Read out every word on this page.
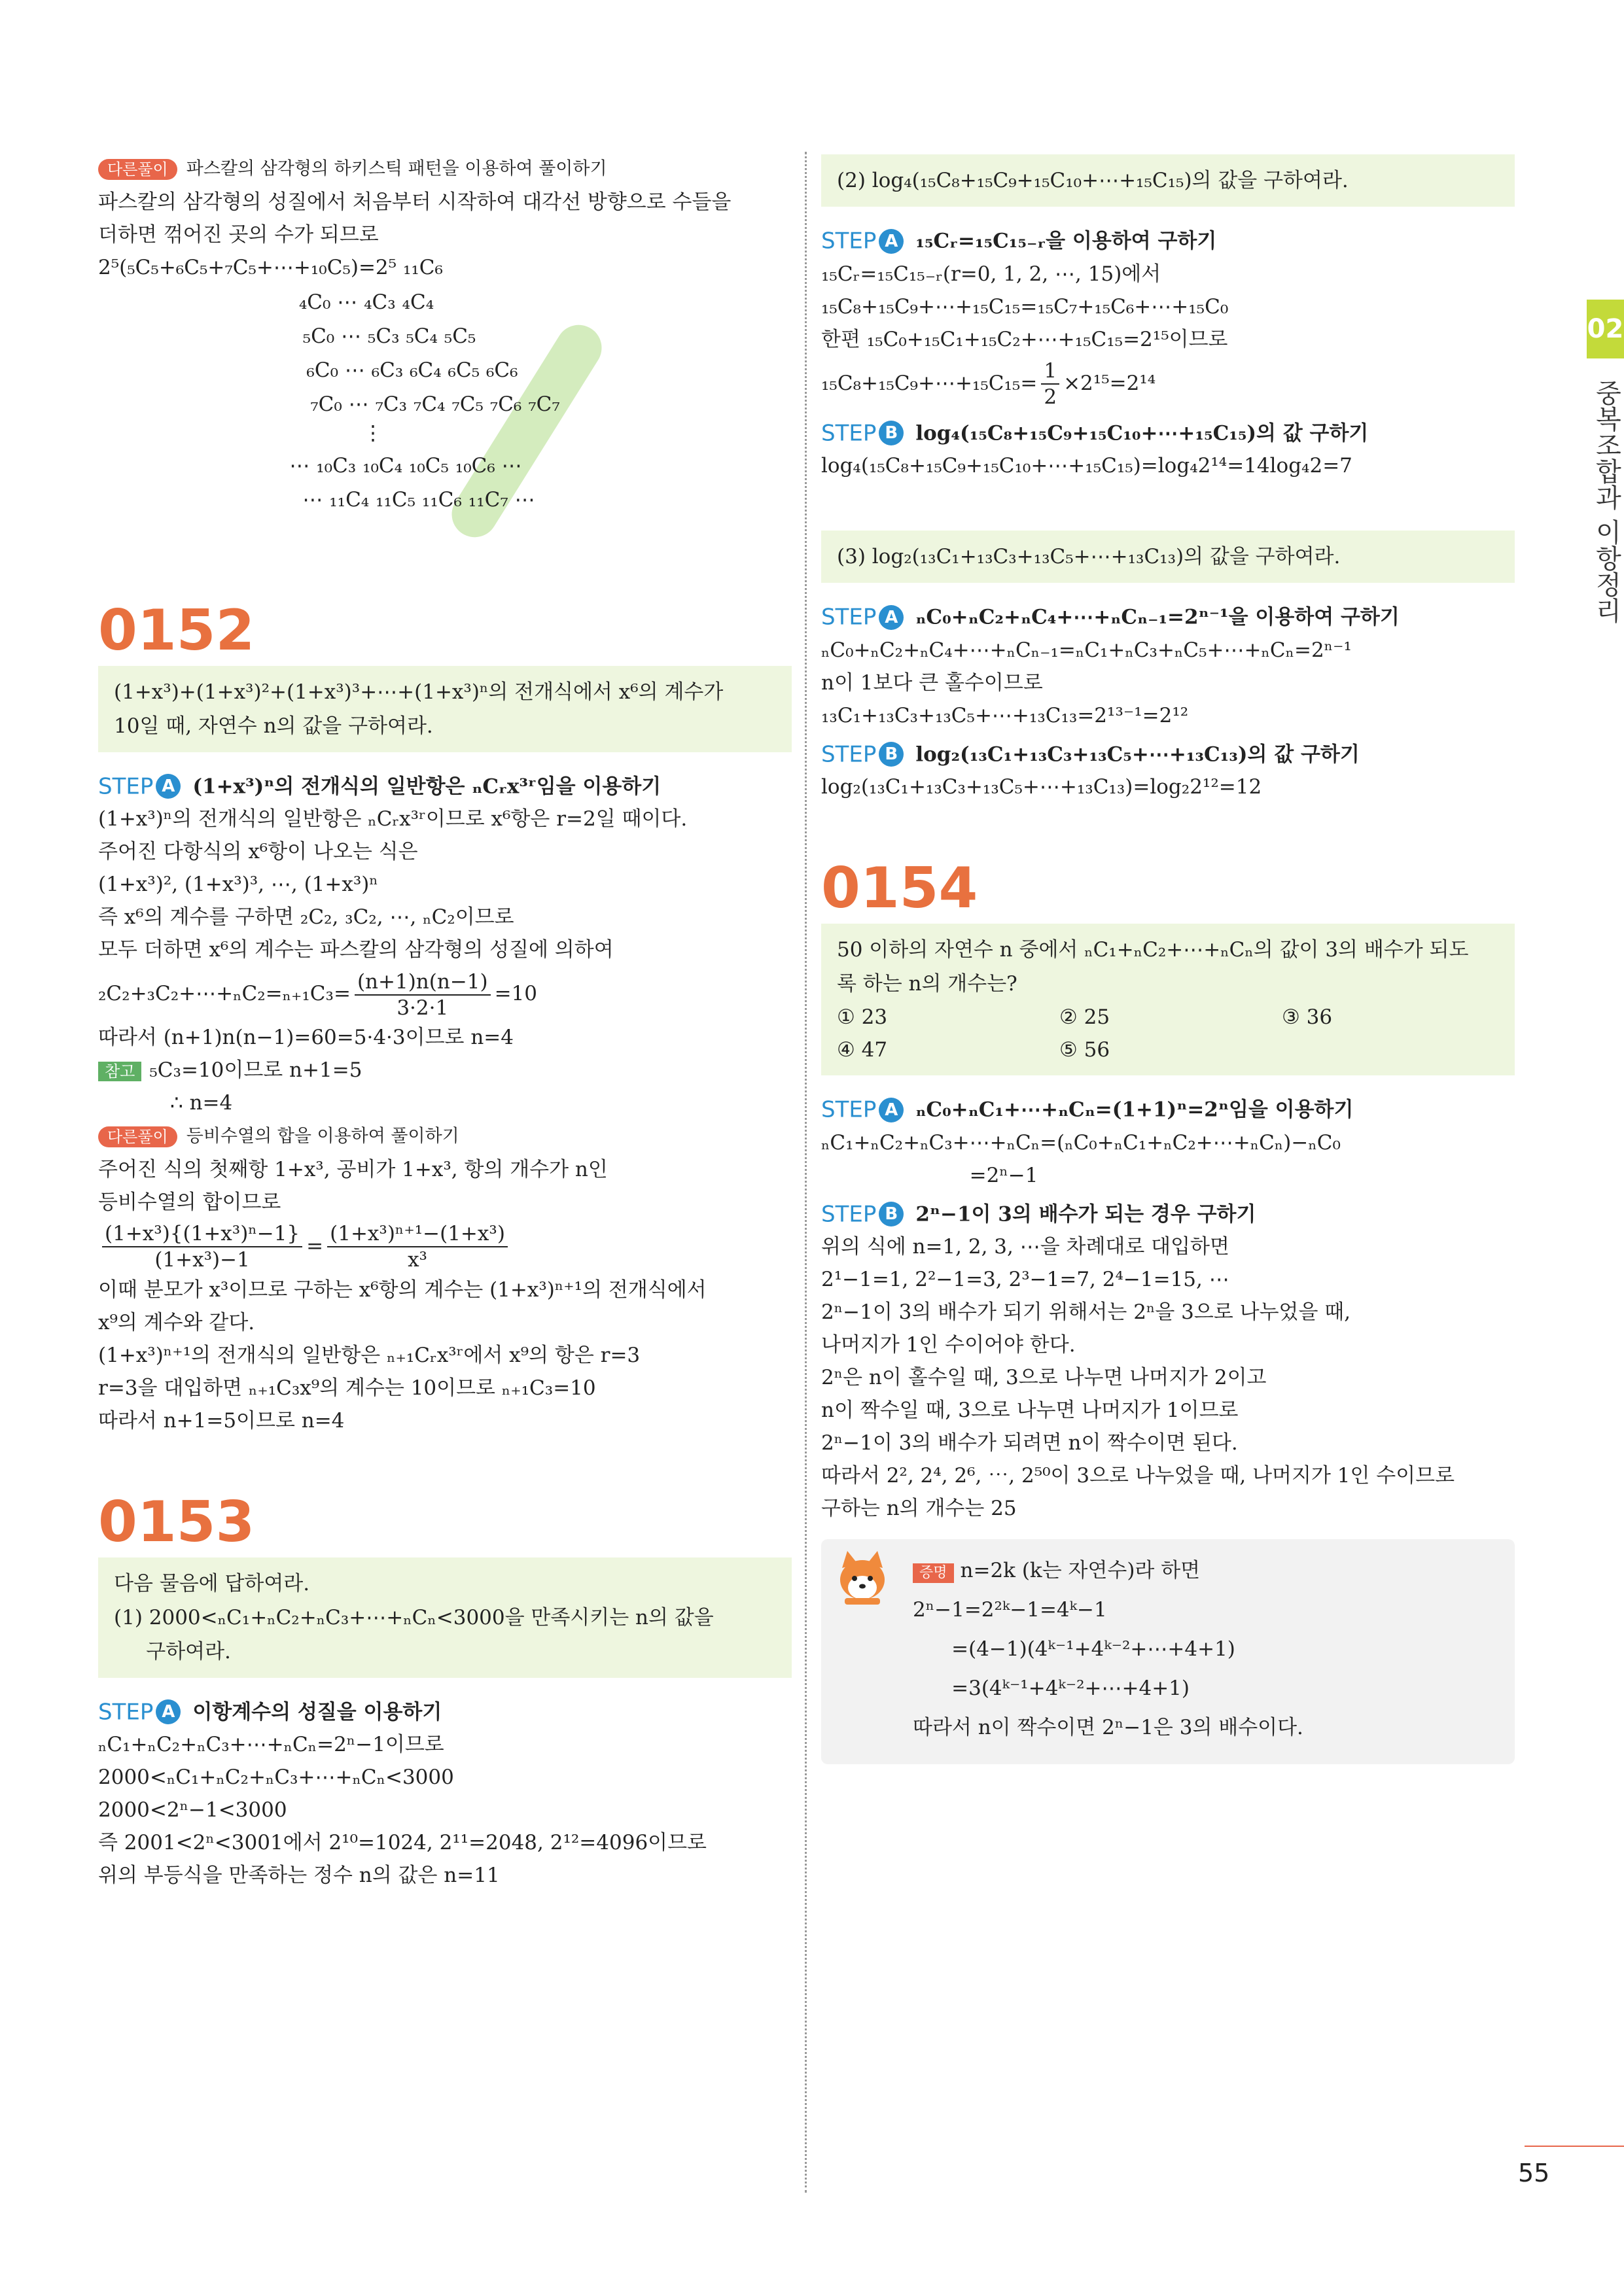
다른풀이 파스칼의 삼각형의 하키스틱 패턴을 이용하여 풀이하기
파스칼의 삼각형의 성질에서 처음부터 시작하여 대각선 방향으로 수들을
더하면 꺾어진 곳의 수가 되므로
2⁵(₅C₅+₆C₅+₇C₅+⋯+₁₀C₅)=2⁵ ₁₁C₆
₄C₀ ⋯ ₄C₃ ₄C₄
₅C₀ ⋯ ₅C₃ ₅C₄ ₅C₅
₆C₀ ⋯ ₆C₃ ₆C₄ ₆C₅ ₆C₆
₇C₀ ⋯ ₇C₃ ₇C₄ ₇C₅ ₇C₆ ₇C₇
⋮
⋯ ₁₀C₃ ₁₀C₄ ₁₀C₅ ₁₀C₆ ⋯
⋯ ₁₁C₄ ₁₁C₅ ₁₁C₆ ₁₁C₇ ⋯
0152
(1+x³)+(1+x³)²+(1+x³)³+⋯+(1+x³)ⁿ의 전개식에서 x⁶의 계수가
10일 때, 자연수 n의 값을 구하여라.
STEP A (1+x³)ⁿ의 전개식의 일반항은 ₙCᵣx³ʳ임을 이용하기
(1+x³)ⁿ의 전개식의 일반항은 ₙCᵣx³ʳ이므로 x⁶항은 r=2일 때이다.
주어진 다항식의 x⁶항이 나오는 식은
(1+x³)², (1+x³)³, ⋯, (1+x³)ⁿ
즉 x⁶의 계수를 구하면 ₂C₂, ₃C₂, ⋯, ₙC₂이므로
모두 더하면 x⁶의 계수는 파스칼의 삼각형의 성질에 의하여
₂C₂+₃C₂+⋯+ₙC₂=ₙ₊₁C₃= $\frac{(n+1)n(n-1)}{3\cdot 2\cdot 1} =10$
따라서 (n+1)n(n−1)=60=5·4·3이므로 n=4
참고 ₅C₃=10이므로 n+1=5
∴ n=4
다른풀이 등비수열의 합을 이용하여 풀이하기
주어진 식의 첫째항 1+x³, 공비가 1+x³, 항의 개수가 n인
등비수열의 합이므로
$\frac{\text{(1+x³)\{(1+x³)ⁿ−1\}}}{\text{(1+x³)−1}} = \frac{\text{(1+x³)ⁿ⁺¹−(1+x³)}}{\text{x³}}$
이때 분모가 x³이므로 구하는 x⁶항의 계수는 (1+x³)ⁿ⁺¹의 전개식에서
x⁹의 계수와 같다.
(1+x³)ⁿ⁺¹의 전개식의 일반항은 ₙ₊₁Cᵣx³ʳ에서 x⁹의 항은 r=3
r=3을 대입하면 ₙ₊₁C₃x⁹의 계수는 10이므로 ₙ₊₁C₃=10
따라서 n+1=5이므로 n=4
0153
다음 물음에 답하여라.
(1) 2000<ₙC₁+ₙC₂+ₙC₃+⋯+ₙCₙ<3000을 만족시키는 n의 값을
구하여라.
STEP A 이항계수의 성질을 이용하기
ₙC₁+ₙC₂+ₙC₃+⋯+ₙCₙ=2ⁿ−1이므로
2000<ₙC₁+ₙC₂+ₙC₃+⋯+ₙCₙ<3000
2000<2ⁿ−1<3000
즉 2001<2ⁿ<3001에서 2¹⁰=1024, 2¹¹=2048, 2¹²=4096이므로
위의 부등식을 만족하는 정수 n의 값은 n=11
(2) log₄(₁₅C₈+₁₅C₉+₁₅C₁₀+⋯+₁₅C₁₅)의 값을 구하여라.
STEP A ₁₅Cᵣ=₁₅C₁₅₋ᵣ을 이용하여 구하기
₁₅Cᵣ=₁₅C₁₅₋ᵣ(r=0, 1, 2, ⋯, 15)에서
₁₅C₈+₁₅C₉+⋯+₁₅C₁₅=₁₅C₇+₁₅C₆+⋯+₁₅C₀
한편 ₁₅C₀+₁₅C₁+₁₅C₂+⋯+₁₅C₁₅=2¹⁵이므로
₁₅C₈+₁₅C₉+⋯+₁₅C₁₅= $\frac{1}{2} \times 2^{15}=2^{14}$
STEP B log₄(₁₅C₈+₁₅C₉+₁₅C₁₀+⋯+₁₅C₁₅)의 값 구하기
log₄(₁₅C₈+₁₅C₉+₁₅C₁₀+⋯+₁₅C₁₅)=log₄2¹⁴=14log₄2=7
(3) log₂(₁₃C₁+₁₃C₃+₁₃C₅+⋯+₁₃C₁₃)의 값을 구하여라.
STEP A ₙC₀+ₙC₂+ₙC₄+⋯+ₙCₙ₋₁=2ⁿ⁻¹을 이용하여 구하기
ₙC₀+ₙC₂+ₙC₄+⋯+ₙCₙ₋₁=ₙC₁+ₙC₃+ₙC₅+⋯+ₙCₙ=2ⁿ⁻¹
n이 1보다 큰 홀수이므로
₁₃C₁+₁₃C₃+₁₃C₅+⋯+₁₃C₁₃=2¹³⁻¹=2¹²
STEP B log₂(₁₃C₁+₁₃C₃+₁₃C₅+⋯+₁₃C₁₃)의 값 구하기
log₂(₁₃C₁+₁₃C₃+₁₃C₅+⋯+₁₃C₁₃)=log₂2¹²=12
0154
50 이하의 자연수 n 중에서 ₙC₁+ₙC₂+⋯+ₙCₙ의 값이 3의 배수가 되도
록 하는 n의 개수는?
① 23	② 25	③ 36
④ 47	⑤ 56
STEP A ₙC₀+ₙC₁+⋯+ₙCₙ=(1+1)ⁿ=2ⁿ임을 이용하기
ₙC₁+ₙC₂+ₙC₃+⋯+ₙCₙ=(ₙC₀+ₙC₁+ₙC₂+⋯+ₙCₙ)−ₙC₀
=2ⁿ−1
STEP B 2ⁿ−1이 3의 배수가 되는 경우 구하기
위의 식에 n=1, 2, 3, ⋯을 차례대로 대입하면
2¹−1=1, 2²−1=3, 2³−1=7, 2⁴−1=15, ⋯
2ⁿ−1이 3의 배수가 되기 위해서는 2ⁿ을 3으로 나누었을 때,
나머지가 1인 수이어야 한다.
2ⁿ은 n이 홀수일 때, 3으로 나누면 나머지가 2이고
n이 짝수일 때, 3으로 나누면 나머지가 1이므로
2ⁿ−1이 3의 배수가 되려면 n이 짝수이면 된다.
따라서 2², 2⁴, 2⁶, ⋯, 2⁵⁰이 3으로 나누었을 때, 나머지가 1인 수이므로
구하는 n의 개수는 25
증명 n=2k (k는 자연수)라 하면
2ⁿ−1=2²ᵏ−1=4ᵏ−1
=(4−1)(4ᵏ⁻¹+4ᵏ⁻²+⋯+4+1)
=3(4ᵏ⁻¹+4ᵏ⁻²+⋯+4+1)
따라서 n이 짝수이면 2ⁿ−1은 3의 배수이다.
02
중복조합과 이항정리
55
